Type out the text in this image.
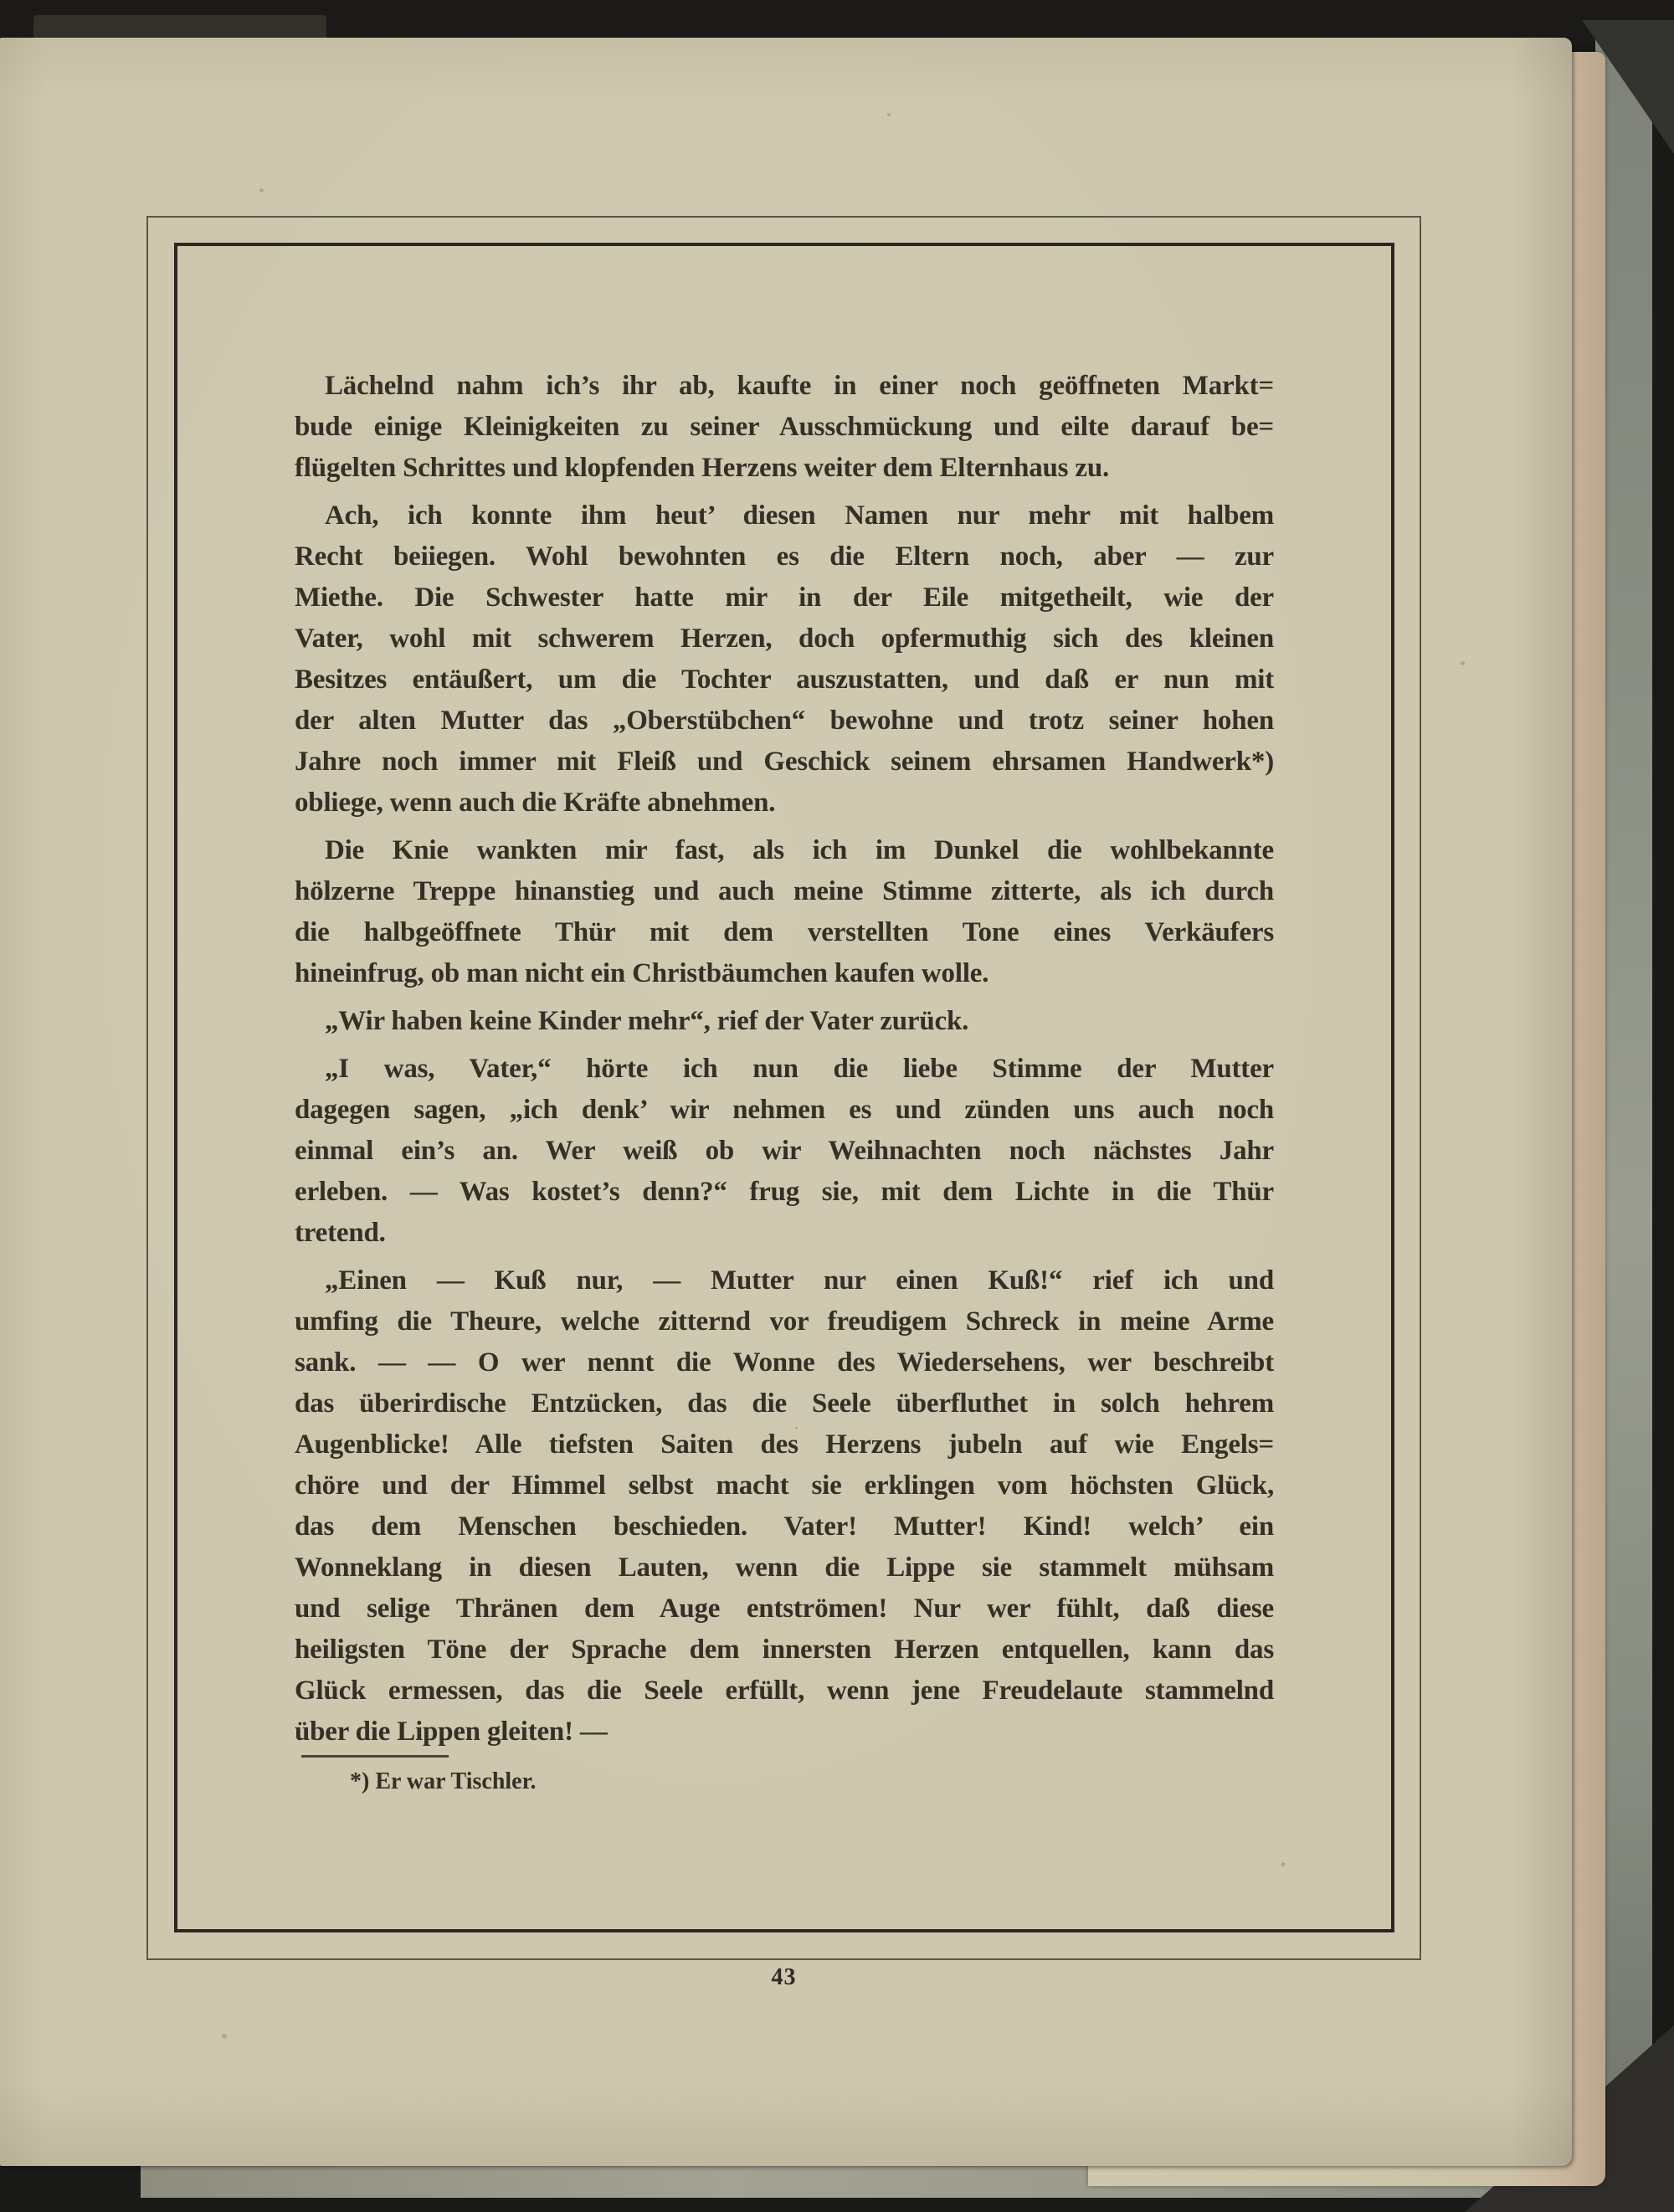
Lächelnd nahm ich’s ihr ab, kaufte in einer noch geöffneten Markt=
bude einige Kleinigkeiten zu seiner Ausschmückung und eilte darauf be=
flügelten Schrittes und klopfenden Herzens weiter dem Elternhaus zu.
Ach, ich konnte ihm heut’ diesen Namen nur mehr mit halbem
Recht beiiegen. Wohl bewohnten es die Eltern noch, aber — zur
Miethe. Die Schwester hatte mir in der Eile mitgetheilt, wie der
Vater, wohl mit schwerem Herzen, doch opfermuthig sich des kleinen
Besitzes entäußert, um die Tochter auszustatten, und daß er nun mit
der alten Mutter das „Oberstübchen“ bewohne und trotz seiner hohen
Jahre noch immer mit Fleiß und Geschick seinem ehrsamen Handwerk*)
obliege, wenn auch die Kräfte abnehmen.
Die Knie wankten mir fast, als ich im Dunkel die wohlbekannte
hölzerne Treppe hinanstieg und auch meine Stimme zitterte, als ich durch
die halbgeöffnete Thür mit dem verstellten Tone eines Verkäufers
hineinfrug, ob man nicht ein Christbäumchen kaufen wolle.
„Wir haben keine Kinder mehr“, rief der Vater zurück.
„I was, Vater,“ hörte ich nun die liebe Stimme der Mutter
dagegen sagen, „ich denk’ wir nehmen es und zünden uns auch noch
einmal ein’s an. Wer weiß ob wir Weihnachten noch nächstes Jahr
erleben. — Was kostet’s denn?“ frug sie, mit dem Lichte in die Thür
tretend.
„Einen — Kuß nur, — Mutter nur einen Kuß!“ rief ich und
umfing die Theure, welche zitternd vor freudigem Schreck in meine Arme
sank. — — O wer nennt die Wonne des Wiedersehens, wer beschreibt
das überirdische Entzücken, das die Seele überfluthet in solch hehrem
Augenblicke! Alle tiefsten Saiten des Herzens jubeln auf wie Engels=
chöre und der Himmel selbst macht sie erklingen vom höchsten Glück,
das dem Menschen beschieden. Vater! Mutter! Kind! welch’ ein
Wonneklang in diesen Lauten, wenn die Lippe sie stammelt mühsam
und selige Thränen dem Auge entströmen! Nur wer fühlt, daß diese
heiligsten Töne der Sprache dem innersten Herzen entquellen, kann das
Glück ermessen, das die Seele erfüllt, wenn jene Freudelaute stammelnd
über die Lippen gleiten! —
*) Er war Tischler.
43
